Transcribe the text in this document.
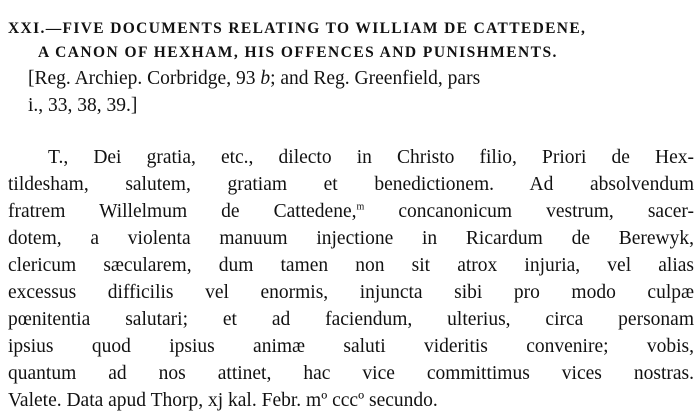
XXI.—FIVE DOCUMENTS RELATING TO WILLIAM DE CATTEDENE,
A CANON OF HEXHAM, HIS OFFENCES AND PUNISHMENTS.
[Reg. Archiep. Corbridge, 93 b; and Reg. Greenfield, pars
i., 33, 38, 39.]
T., Dei gratia, etc., dilecto in Christo filio, Priori de Hex-
tildesham, salutem, gratiam et benedictionem. Ad absolvendum
fratrem Willelmum de Cattedene,$^m$ concanonicum vestrum, sacer-
dotem, a violenta manuum injectione in Ricardum de Berewyk,
clericum sæcularem, dum tamen non sit atrox injuria, vel alias
excessus difficilis vel enormis, injuncta sibi pro modo culpæ
pœnitentia salutari; et ad faciendum, ulterius, circa personam
ipsius quod ipsius animæ saluti videritis convenire; vobis,
quantum ad nos attinet, hac vice committimus vices nostras.
Valete. Data apud Thorp, xj kal. Febr. mº cccº secundo.
